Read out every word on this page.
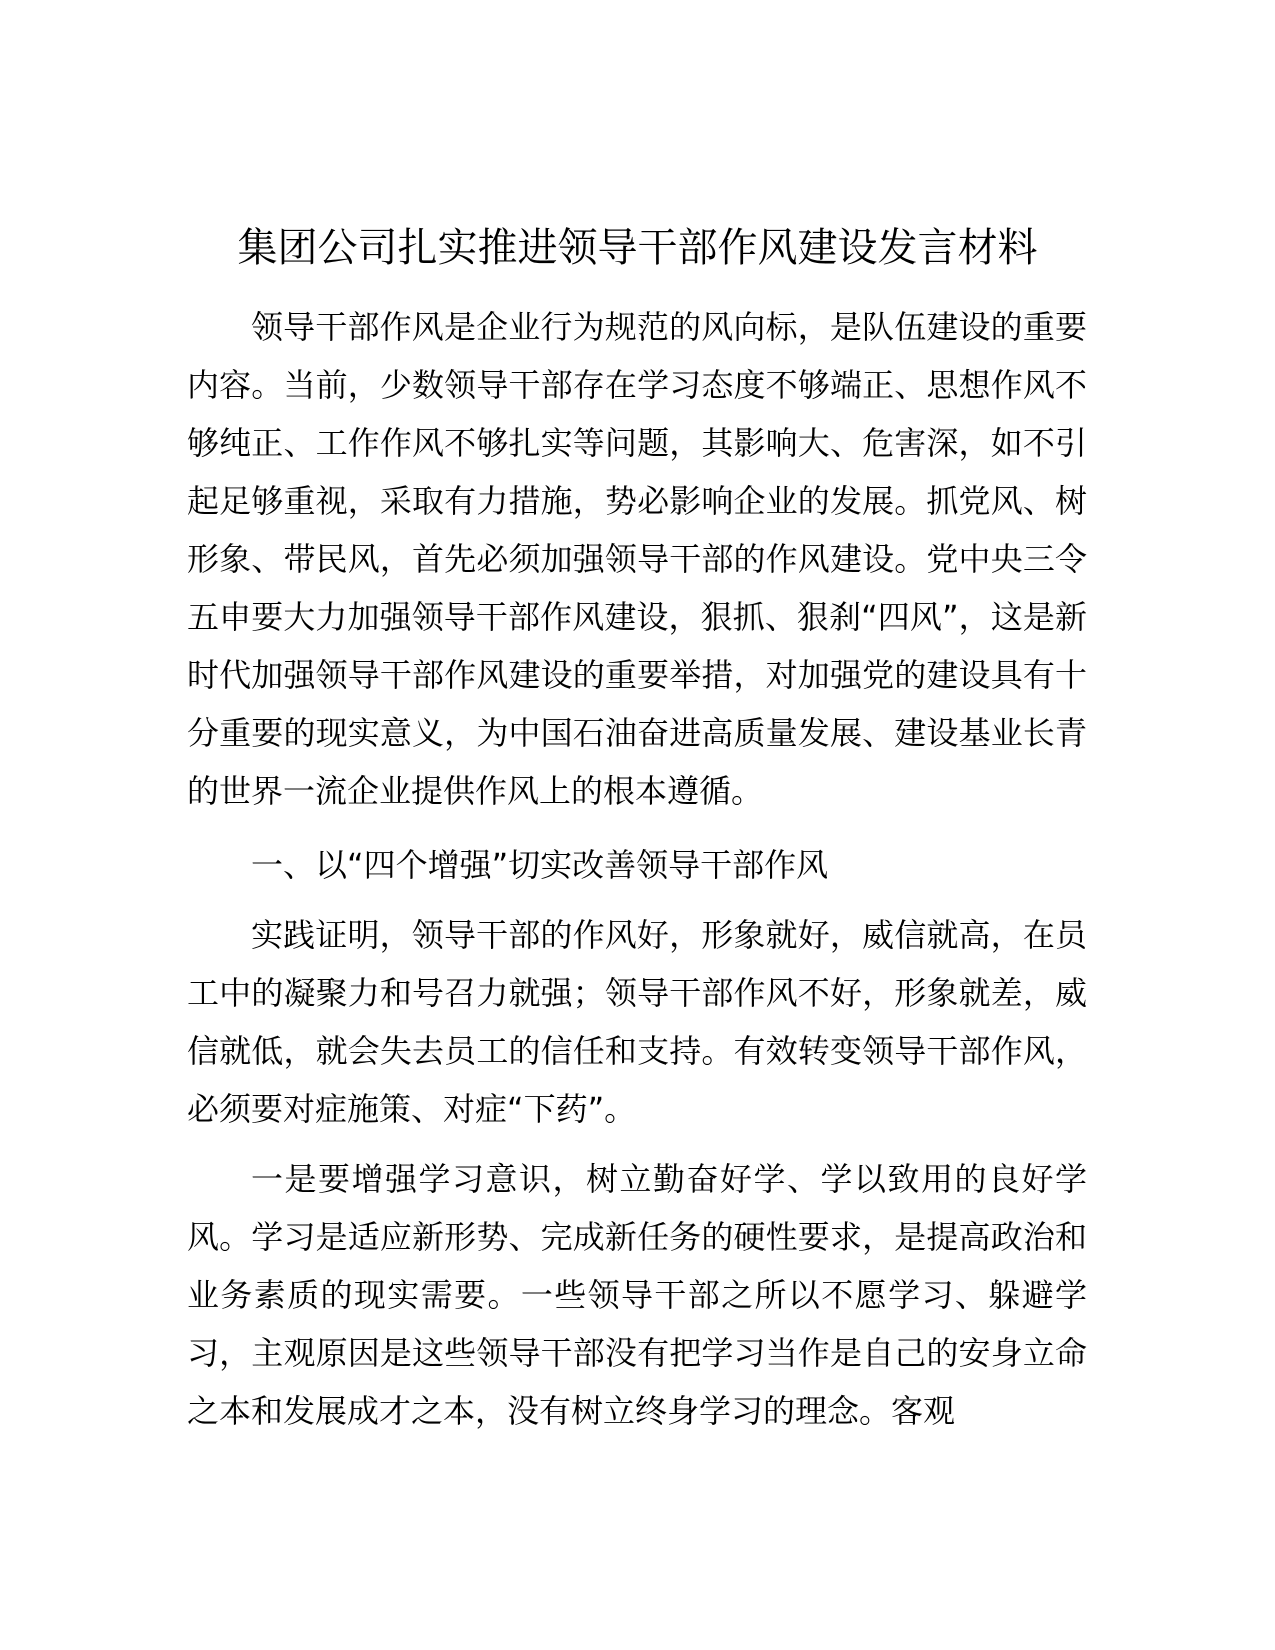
集团公司扎实推进领导干部作风建设发言材料

领导干部作风是企业行为规范的风向标，是队伍建设的重要内容。当前，少数领导干部存在学习态度不够端正、思想作风不够纯正、工作作风不够扎实等问题，其影响大、危害深，如不引起足够重视，采取有力措施，势必影响企业的发展。抓党风、树形象、带民风，首先必须加强领导干部的作风建设。党中央三令五申要大力加强领导干部作风建设，狠抓、狠刹“四风”，这是新时代加强领导干部作风建设的重要举措，对加强党的建设具有十分重要的现实意义，为中国石油奋进高质量发展、建设基业长青的世界一流企业提供作风上的根本遵循。

一、以“四个增强”切实改善领导干部作风

实践证明，领导干部的作风好，形象就好，威信就高，在员工中的凝聚力和号召力就强；领导干部作风不好，形象就差，威信就低，就会失去员工的信任和支持。有效转变领导干部作风，必须要对症施策、对症“下药”。

一是要增强学习意识，树立勤奋好学、学以致用的良好学风。学习是适应新形势、完成新任务的硬性要求，是提高政治和业务素质的现实需要。一些领导干部之所以不愿学习、躲避学习，主观原因是这些领导干部没有把学习当作是自己的安身立命之本和发展成才之本，没有树立终身学习的理念。客观
